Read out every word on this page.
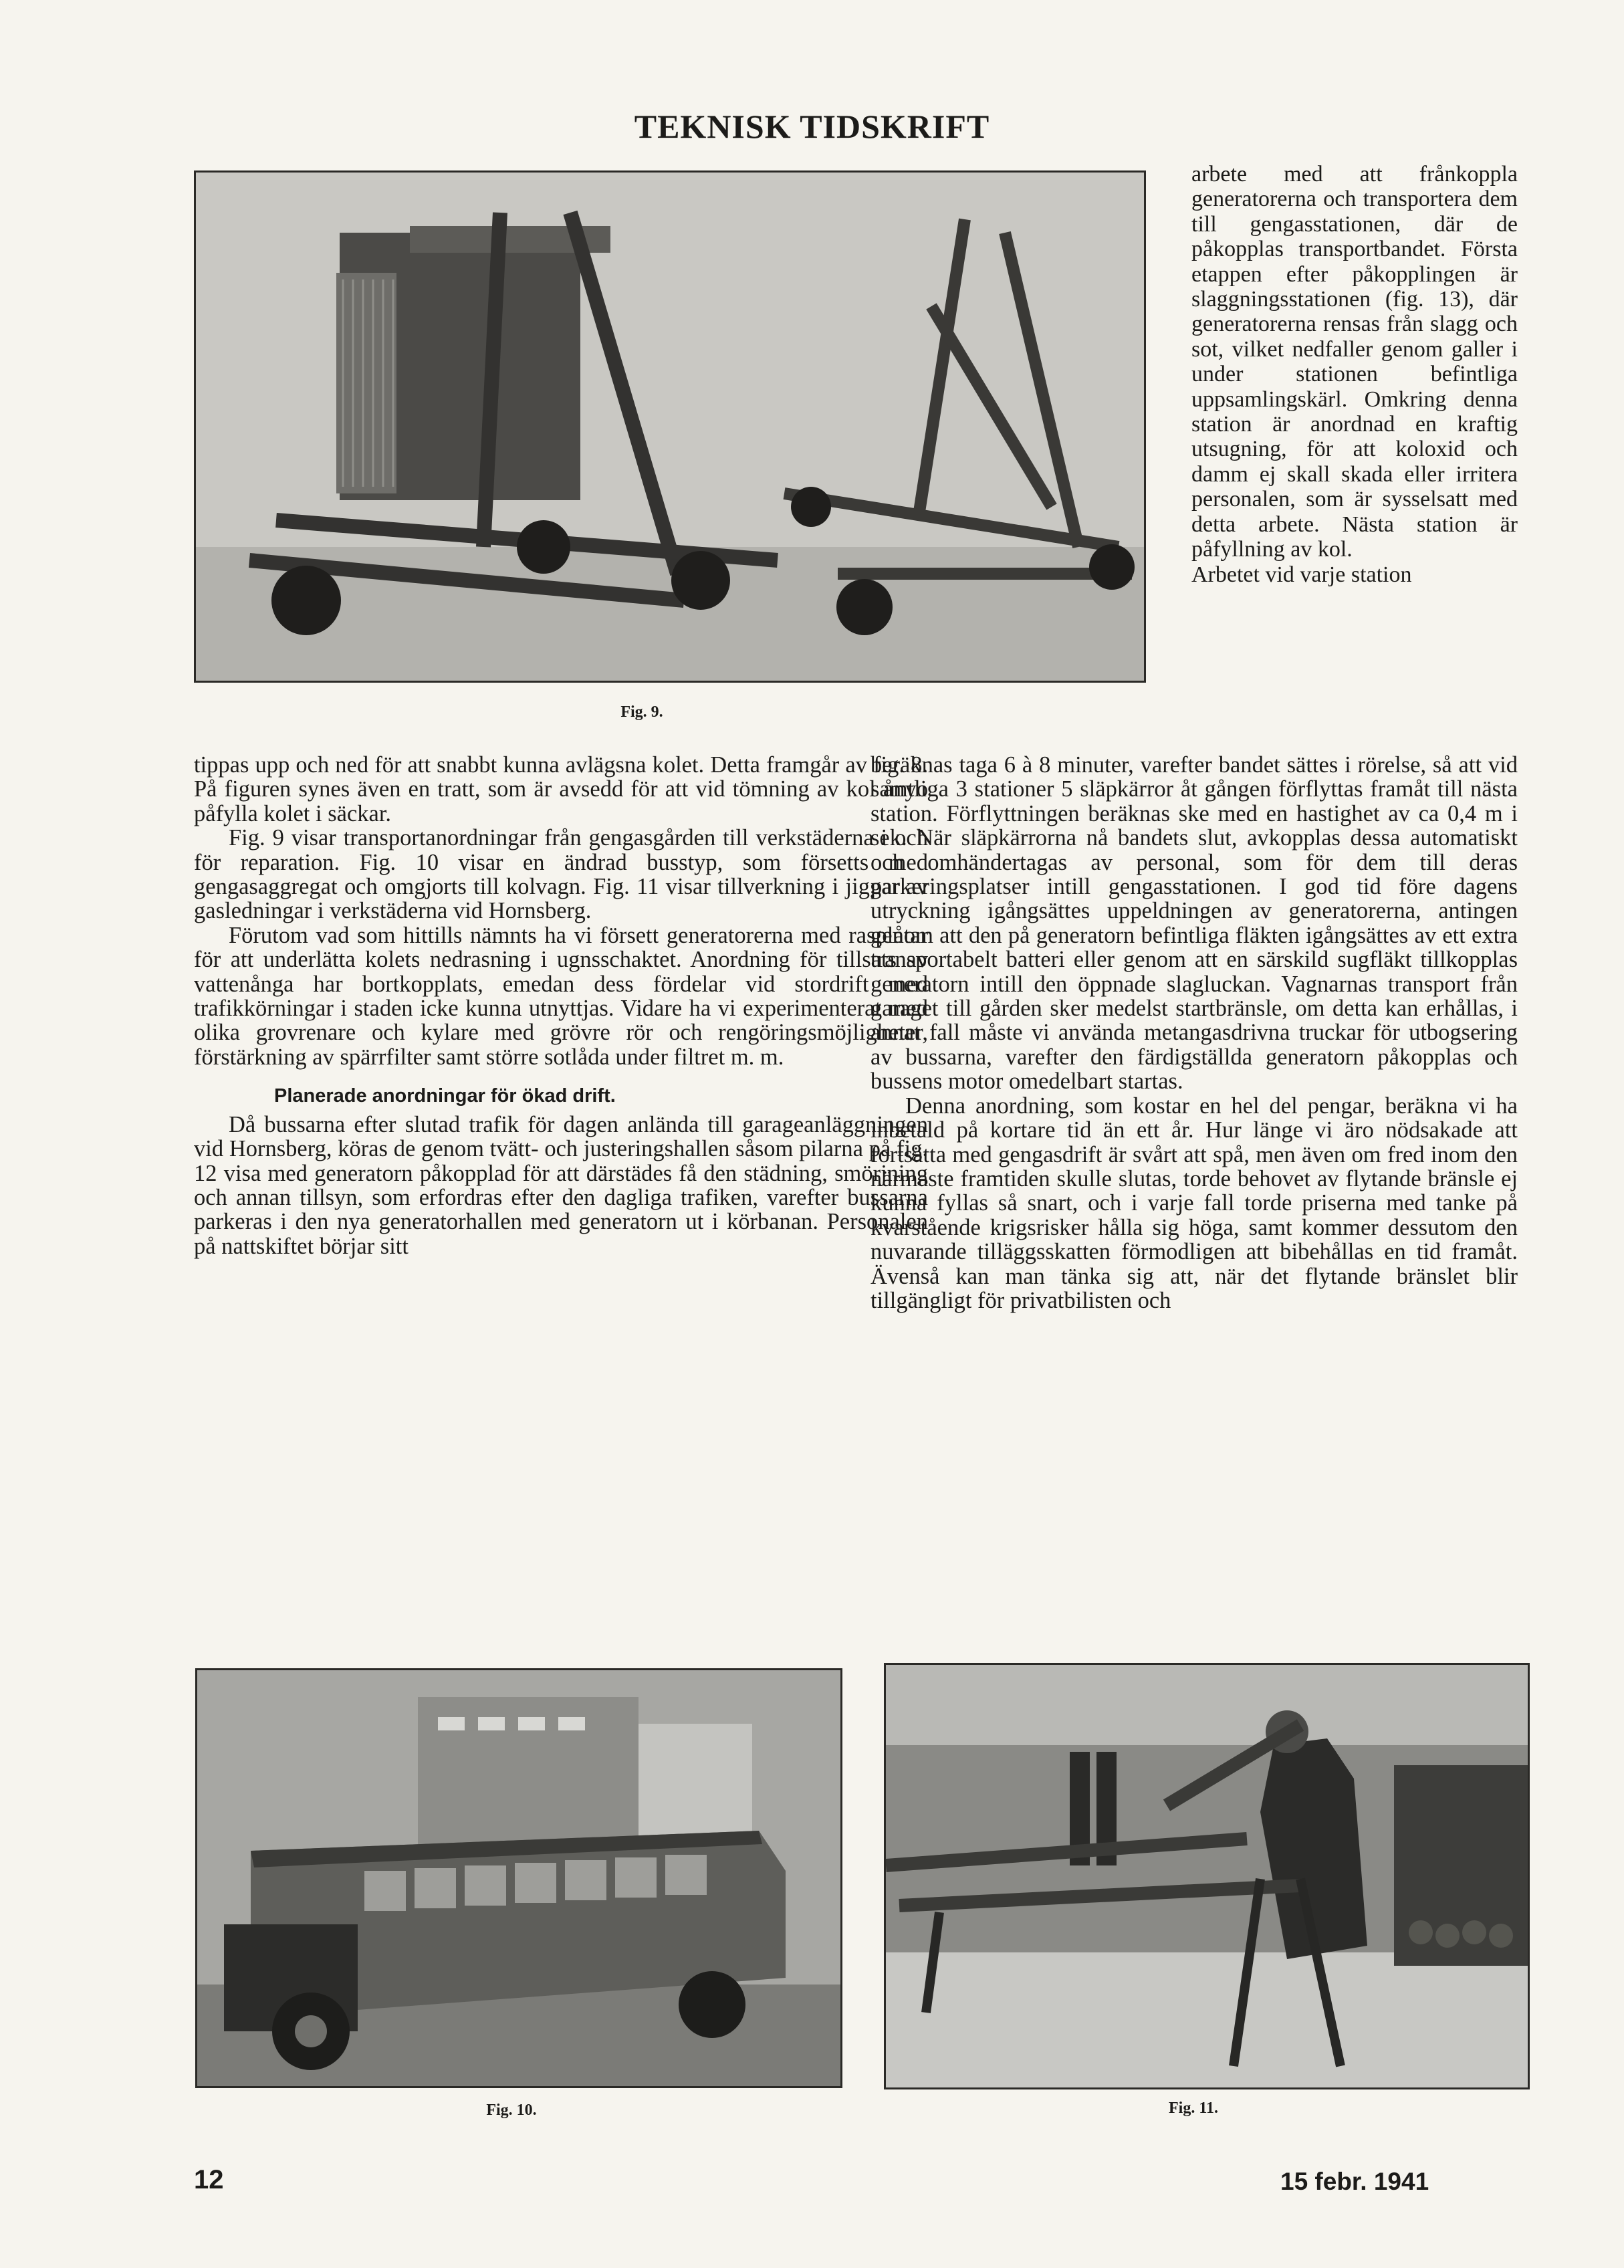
TEKNISK TIDSKRIFT
Fig. 9.

arbete med att frånkoppla generatorerna och transportera dem till gengasstationen, där de påkopplas transportbandet. Första etappen efter påkopplingen är slaggningsstationen (fig. 13), där generatorerna rensas från slagg och sot, vilket nedfaller genom galler i under stationen befintliga uppsamlingskärl. Omkring denna station är anordnad en kraftig utsugning, för att koloxid och damm ej skall skada eller irritera personalen, som är sysselsatt med detta arbete. Nästa station är påfyllning av kol.

Arbetet vid varje station

tippas upp och ned för att snabbt kunna avlägsna kolet. Detta framgår av fig. 8. På figuren synes även en tratt, som är avsedd för att vid tömning av kol ånyo påfylla kolet i säckar.

Fig. 9 visar transportanordningar från gengasgården till verkstäderna i och för reparation. Fig. 10 visar en ändrad busstyp, som försetts med gengasaggregat och omgjorts till kolvagn. Fig. 11 visar tillverkning i jiggar av gasledningar i verkstäderna vid Hornsberg.

Förutom vad som hittills nämnts ha vi försett generatorerna med rasplåtar för att underlätta kolets nedrasning i ugnsschaktet. Anordning för tillsats av vattenånga har bortkopplats, emedan dess fördelar vid stordrift med trafikkörningar i staden icke kunna utnyttjas. Vidare ha vi experimenterat med olika grovrenare och kylare med grövre rör och rengöringsmöjligheter, förstärkning av spärrfilter samt större sotlåda under filtret m. m.

Planerade anordningar för ökad drift.

Då bussarna efter slutad trafik för dagen anlända till garageanläggningen vid Hornsberg, köras de genom tvätt- och justeringshallen såsom pilarna på fig. 12 visa med generatorn påkopplad för att därstädes få den städning, smörjning och annan tillsyn, som erfordras efter den dagliga trafiken, varefter bussarna parkeras i den nya generatorhallen med generatorn ut i körbanan. Personalen på nattskiftet börjar sitt

beräknas taga 6 à 8 minuter, varefter bandet sättes i rörelse, så att vid samtliga 3 stationer 5 släpkärror åt gången förflyttas framåt till nästa station. Förflyttningen beräknas ske med en hastighet av ca 0,4 m i sek. När släpkärrorna nå bandets slut, avkopplas dessa automatiskt och omhändertagas av personal, som för dem till deras parkeringsplatser intill gengasstationen. I god tid före dagens utryckning igångsättes uppeldningen av generatorerna, antingen genom att den på generatorn befintliga fläkten igångsättes av ett extra transportabelt batteri eller genom att en särskild sugfläkt tillkopplas generatorn intill den öppnade slagluckan. Vagnarnas transport från garaget till gården sker medelst startbränsle, om detta kan erhållas, i annat fall måste vi använda metangasdrivna truckar för utbogsering av bussarna, varefter den färdigställda generatorn påkopplas och bussens motor omedelbart startas.

Denna anordning, som kostar en hel del pengar, beräkna vi ha inbetald på kortare tid än ett år. Hur länge vi äro nödsakade att fortsätta med gengasdrift är svårt att spå, men även om fred inom den närmaste framtiden skulle slutas, torde behovet av flytande bränsle ej kunna fyllas så snart, och i varje fall torde priserna med tanke på kvarstående krigsrisker hålla sig höga, samt kommer dessutom den nuvarande tilläggsskatten förmodligen att bibehållas en tid framåt. Ävenså kan man tänka sig att, när det flytande bränslet blir tillgängligt för privatbilisten och

Fig. 10.	Fig. 11.
12	15 febr. 1941
